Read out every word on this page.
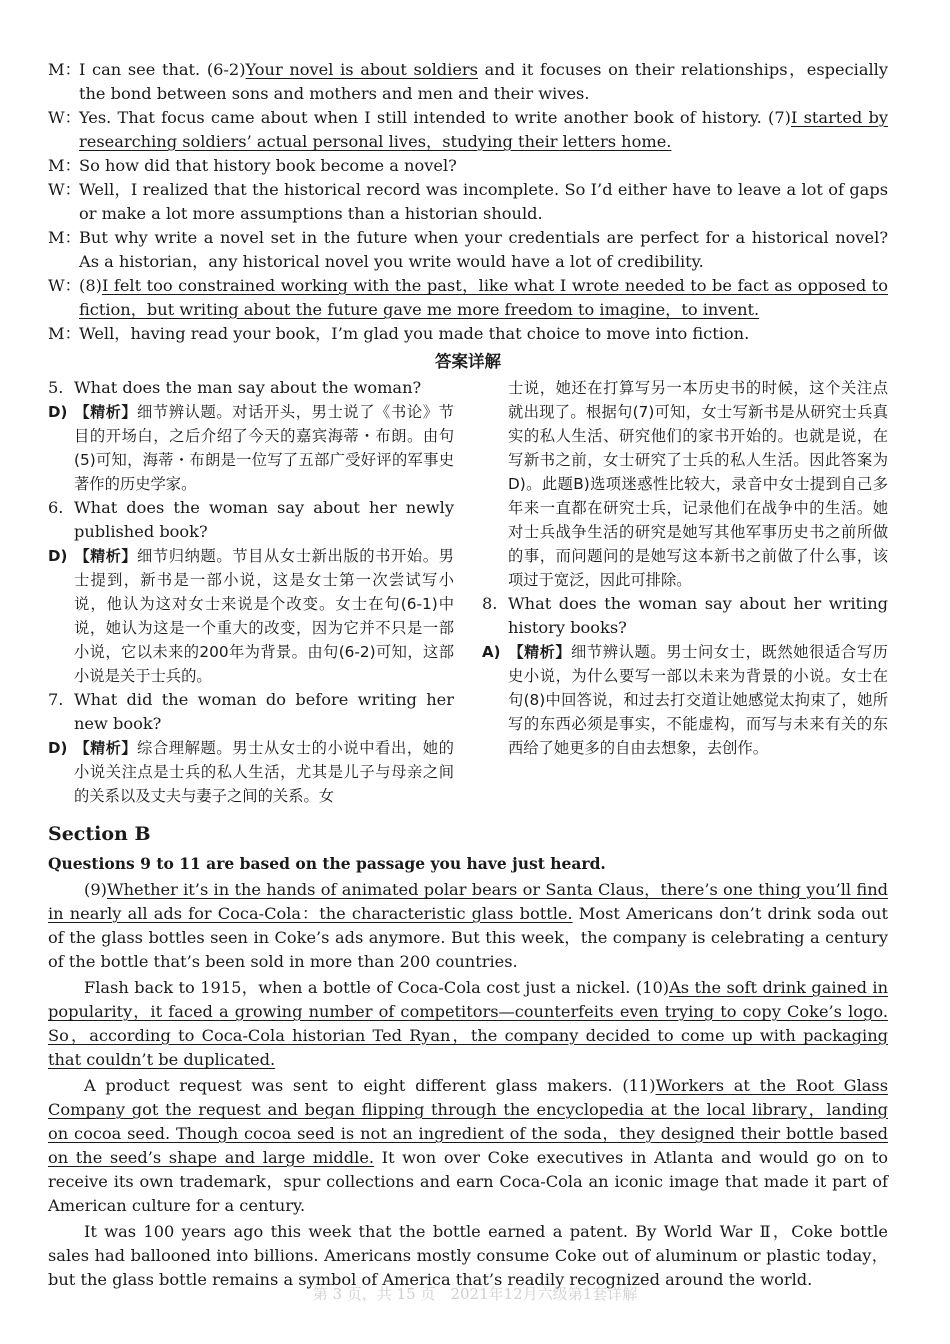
M：I can see that. (6-2)Your novel is about soldiers and it focuses on their relationships，especially the bond between sons and mothers and men and their wives.
W：Yes. That focus came about when I still intended to write another book of history. (7)I started by researching soldiers’ actual personal lives，studying their letters home.
M：So how did that history book become a novel?
W：Well，I realized that the historical record was incomplete. So I’d either have to leave a lot of gaps or make a lot more assumptions than a historian should.
M：But why write a novel set in the future when your credentials are perfect for a historical novel? As a historian，any historical novel you write would have a lot of credibility.
W：(8)I felt too constrained working with the past，like what I wrote needed to be fact as opposed to fiction，but writing about the future gave me more freedom to imagine，to invent.
M：Well，having read your book，I’m glad you made that choice to move into fiction.
答案详解
5. What does the man say about the woman?
D) 【精析】细节辨认题。对话开头，男士说了《书论》节目的开场白，之后介绍了今天的嘉宾海蒂・布朗。由句(5)可知，海蒂・布朗是一位写了五部广受好评的军事史著作的历史学家。
6. What does the woman say about her newly published book?
D) 【精析】细节归纳题。节目从女士新出版的书开始。男士提到，新书是一部小说，这是女士第一次尝试写小说，他认为这对女士来说是个改变。女士在句(6-1)中说，她认为这是一个重大的改变，因为它并不只是一部小说，它以未来的200年为背景。由句(6-2)可知，这部小说是关于士兵的。
7. What did the woman do before writing her new book?
D) 【精析】综合理解题。男士从女士的小说中看出，她的小说关注点是士兵的私人生活，尤其是儿子与母亲之间的关系以及丈夫与妻子之间的关系。女
士说，她还在打算写另一本历史书的时候，这个关注点就出现了。根据句(7)可知，女士写新书是从研究士兵真实的私人生活、研究他们的家书开始的。也就是说，在写新书之前，女士研究了士兵的私人生活。因此答案为D)。此题B)选项迷惑性比较大，录音中女士提到自己多年来一直都在研究士兵，记录他们在战争中的生活。她对士兵战争生活的研究是她写其他军事历史书之前所做的事，而问题问的是她写这本新书之前做了什么事，该项过于宽泛，因此可排除。
8. What does the woman say about her writing history books?
A) 【精析】细节辨认题。男士问女士，既然她很适合写历史小说，为什么要写一部以未来为背景的小说。女士在句(8)中回答说，和过去打交道让她感觉太拘束了，她所写的东西必须是事实，不能虚构，而写与未来有关的东西给了她更多的自由去想象，去创作。
Section B
Questions 9 to 11 are based on the passage you have just heard.
(9)Whether it’s in the hands of animated polar bears or Santa Claus，there’s one thing you’ll find in nearly all ads for Coca-Cola：the characteristic glass bottle. Most Americans don’t drink soda out of the glass bottles seen in Coke’s ads anymore. But this week，the company is celebrating a century of the bottle that’s been sold in more than 200 countries.
Flash back to 1915，when a bottle of Coca-Cola cost just a nickel. (10)As the soft drink gained in popularity，it faced a growing number of competitors—counterfeits even trying to copy Coke’s logo. So，according to Coca-Cola historian Ted Ryan，the company decided to come up with packaging that couldn’t be duplicated.
A product request was sent to eight different glass makers. (11)Workers at the Root Glass Company got the request and began flipping through the encyclopedia at the local library，landing on cocoa seed. Though cocoa seed is not an ingredient of the soda，they designed their bottle based on the seed’s shape and large middle. It won over Coke executives in Atlanta and would go on to receive its own trademark，spur collections and earn Coca-Cola an iconic image that made it part of American culture for a century.
It was 100 years ago this week that the bottle earned a patent. By World War Ⅱ，Coke bottle sales had ballooned into billions. Americans mostly consume Coke out of aluminum or plastic today，but the glass bottle remains a symbol of America that’s readily recognized around the world.
第 3 页，共 15 页　2021年12月六级第1套详解
